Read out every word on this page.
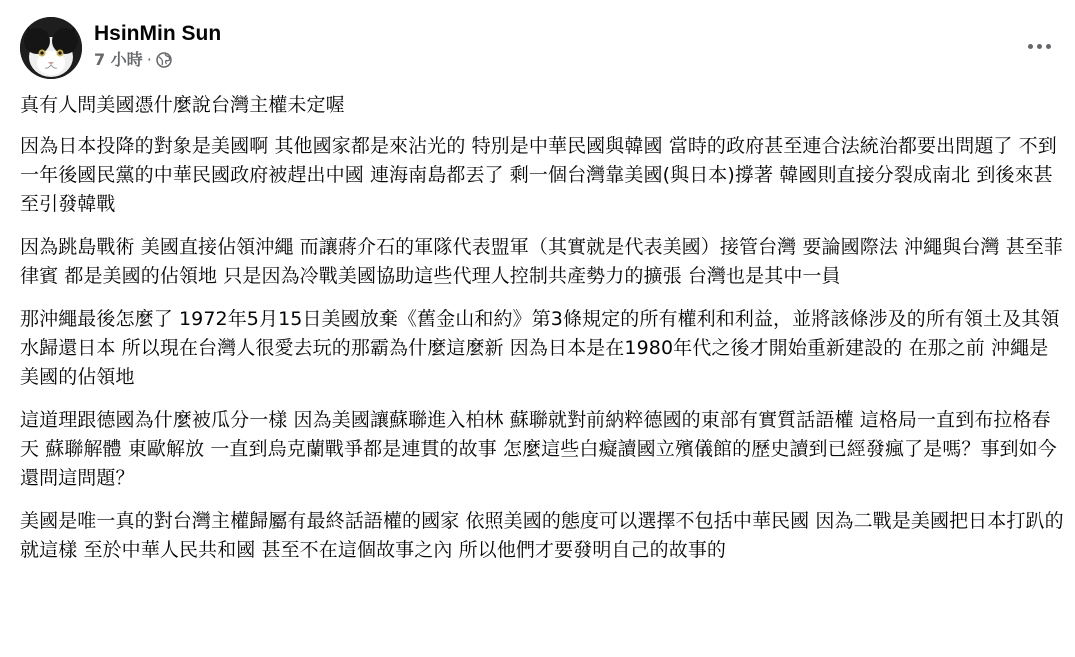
HsinMin Sun
7 小時 ·
真有人問美國憑什麼說台灣主權未定喔
因為日本投降的對象是美國啊 其他國家都是來沾光的 特別是中華民國與韓國 當時的政府甚至連合法統治都要出問題了 不到一年後國民黨的中華民國政府被趕出中國 連海南島都丟了 剩一個台灣靠美國(與日本)撐著 韓國則直接分裂成南北 到後來甚至引發韓戰
因為跳島戰術 美國直接佔領沖繩 而讓蔣介石的軍隊代表盟軍（其實就是代表美國）接管台灣 要論國際法 沖繩與台灣 甚至菲律賓 都是美國的佔領地 只是因為冷戰美國協助這些代理人控制共產勢力的擴張 台灣也是其中一員
那沖繩最後怎麼了 1972年5月15日美國放棄《舊金山和約》第3條規定的所有權利和利益，並將該條涉及的所有領土及其領水歸還日本 所以現在台灣人很愛去玩的那霸為什麼這麼新 因為日本是在1980年代之後才開始重新建設的 在那之前 沖繩是美國的佔領地
這道理跟德國為什麼被瓜分一樣 因為美國讓蘇聯進入柏林 蘇聯就對前納粹德國的東部有實質話語權 這格局一直到布拉格春天 蘇聯解體 東歐解放 一直到烏克蘭戰爭都是連貫的故事 怎麼這些白癡讀國立殯儀館的歷史讀到已經發瘋了是嗎？事到如今還問這問題？
美國是唯一真的對台灣主權歸屬有最終話語權的國家 依照美國的態度可以選擇不包括中華民國 因為二戰是美國把日本打趴的 就這樣 至於中華人民共和國 甚至不在這個故事之內 所以他們才要發明自己的故事的
